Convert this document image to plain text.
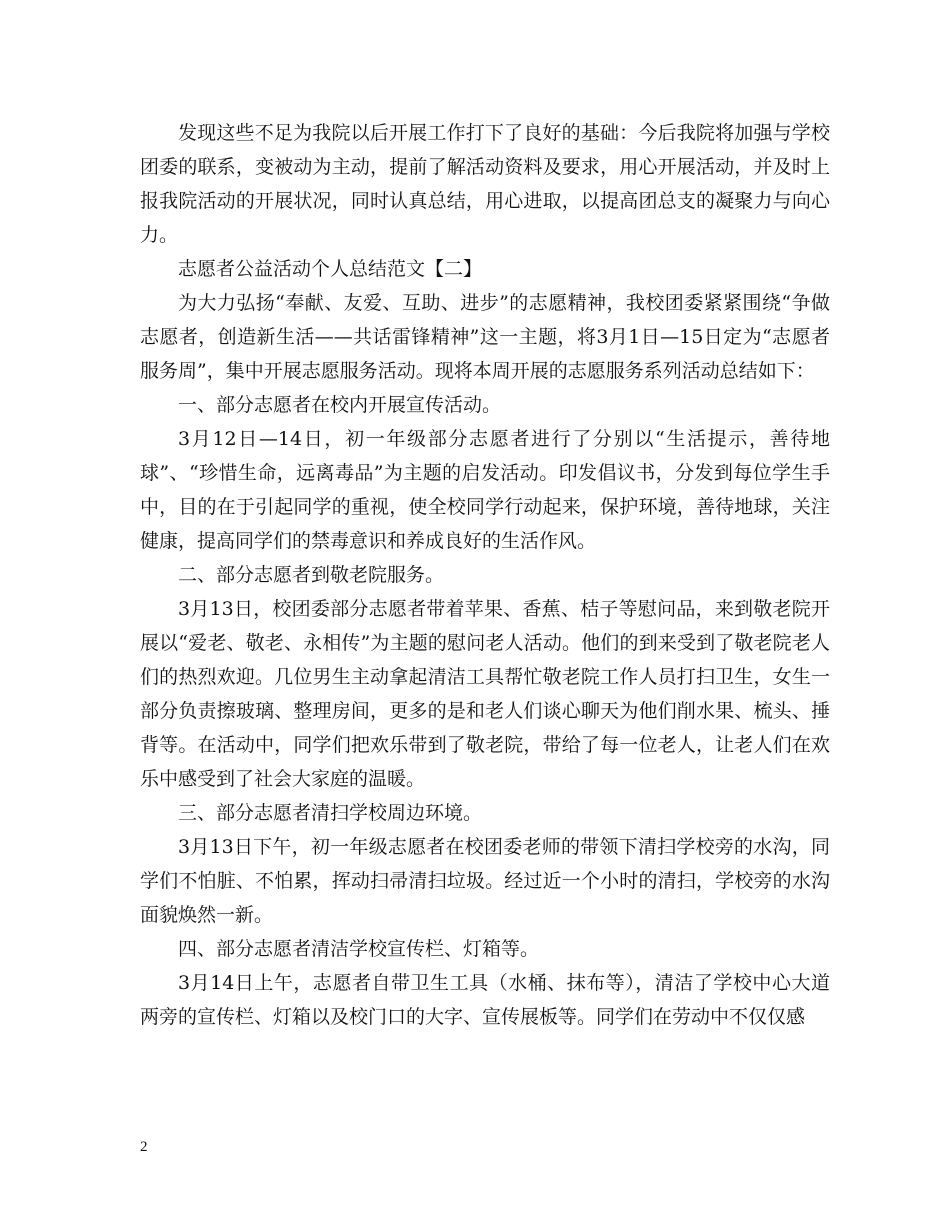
发现这些不足为我院以后开展工作打下了良好的基础：今后我院将加强与学校团委的联系，变被动为主动，提前了解活动资料及要求，用心开展活动，并及时上报我院活动的开展状况，同时认真总结，用心进取，以提高团总支的凝聚力与向心力。

志愿者公益活动个人总结范文【二】

为大力弘扬“奉献、友爱、互助、进步”的志愿精神，我校团委紧紧围绕“争做志愿者，创造新生活——共话雷锋精神”这一主题，将3月1日—15日定为“志愿者服务周”，集中开展志愿服务活动。现将本周开展的志愿服务系列活动总结如下：

一、部分志愿者在校内开展宣传活动。

3月12日—14日，初一年级部分志愿者进行了分别以“生活提示，善待地球”、“珍惜生命，远离毒品”为主题的启发活动。印发倡议书，分发到每位学生手中，目的在于引起同学的重视，使全校同学行动起来，保护环境，善待地球，关注健康，提高同学们的禁毒意识和养成良好的生活作风。

二、部分志愿者到敬老院服务。

3月13日，校团委部分志愿者带着苹果、香蕉、桔子等慰问品，来到敬老院开展以“爱老、敬老、永相传”为主题的慰问老人活动。他们的到来受到了敬老院老人们的热烈欢迎。几位男生主动拿起清洁工具帮忙敬老院工作人员打扫卫生，女生一部分负责擦玻璃、整理房间，更多的是和老人们谈心聊天为他们削水果、梳头、捶背等。在活动中，同学们把欢乐带到了敬老院，带给了每一位老人，让老人们在欢乐中感受到了社会大家庭的温暖。

三、部分志愿者清扫学校周边环境。

3月13日下午，初一年级志愿者在校团委老师的带领下清扫学校旁的水沟，同学们不怕脏、不怕累，挥动扫帚清扫垃圾。经过近一个小时的清扫，学校旁的水沟面貌焕然一新。

四、部分志愿者清洁学校宣传栏、灯箱等。

3月14日上午，志愿者自带卫生工具（水桶、抹布等），清洁了学校中心大道两旁的宣传栏、灯箱以及校门口的大字、宣传展板等。同学们在劳动中不仅仅感

2
